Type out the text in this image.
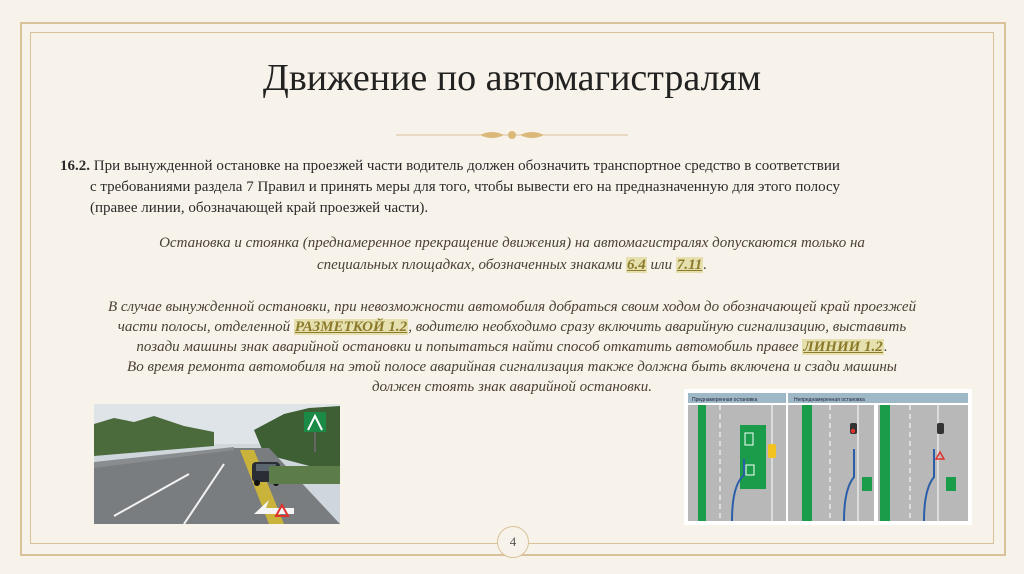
Движение по автомагистралям
16.2. При вынужденной остановке на проезжей части водитель должен обозначить транспортное средство в соответствии
с требованиями раздела 7 Правил и принять меры для того, чтобы вывести его на предназначенную для этого полосу
(правее линии, обозначающей край проезжей части).
Остановка и стоянка (преднамеренное прекращение движения) на автомагистралях допускаются только на
специальных площадках, обозначенных знаками 6.4 или 7.11.
В случае вынужденной остановки, при невозможности автомобиля добраться своим ходом до обозначающей край проезжей
части полосы, отделенной РАЗМЕТКОЙ 1.2, водителю необходимо сразу включить аварийную сигнализацию, выставить
позади машины знак аварийной остановки и попытаться найти способ откатить автомобиль правее ЛИНИИ 1.2.
Во время ремонта автомобиля на этой полосе аварийная сигнализация также должна быть включена и сзади машины
должен стоять знак аварийной остановки.
Преднамеренная остановка	Непреднамеренная остановка
4
